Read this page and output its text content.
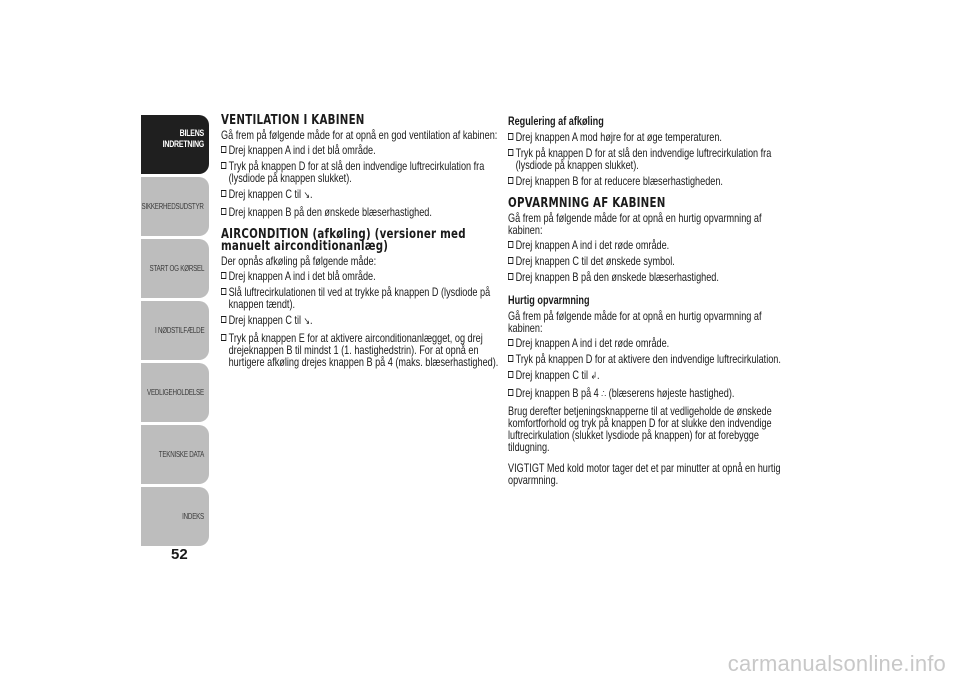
BILENS INDRETNING
SIKKERHEDSUDSTYR
START OG KØRSEL
I NØDSTILFÆLDE
VEDLIGEHOLDELSE
TEKNISKE DATA
INDEKS
52
VENTILATION I KABINEN

Gå frem på følgende måde for at opnå en god ventilation af kabinen:

Drej knappen A ind i det blå område.
Tryk på knappen D for at slå den indvendige luftrecirkulation fra (lysdiode på knappen slukket).
Drej knappen C til ↘.
Drej knappen B på den ønskede blæserhastighed.
AIRCONDITION (afkøling) (versioner med manuelt airconditionanlæg)

Der opnås afkøling på følgende måde:

Drej knappen A ind i det blå område.
Slå luftrecirkulationen til ved at trykke på knappen D (lysdiode på knappen tændt).
Drej knappen C til ↘.
Tryk på knappen E for at aktivere airconditionanlægget, og drej drejeknappen B til mindst 1 (1. hastighedstrin). For at opnå en hurtigere afkøling drejes knappen B på 4 (maks. blæserhastighed).
Regulering af afkøling
Drej knappen A mod højre for at øge temperaturen.
Tryk på knappen D for at slå den indvendige luftrecirkulation fra (lysdiode på knappen slukket).
Drej knappen B for at reducere blæserhastigheden.
OPVARMNING AF KABINEN

Gå frem på følgende måde for at opnå en hurtig opvarmning af kabinen:

Drej knappen A ind i det røde område.
Drej knappen C til det ønskede symbol.
Drej knappen B på den ønskede blæserhastighed.
Hurtig opvarmning

Gå frem på følgende måde for at opnå en hurtig opvarmning af kabinen:

Drej knappen A ind i det røde område.
Tryk på knappen D for at aktivere den indvendige luftrecirkulation.
Drej knappen C til ↲.
Drej knappen B på 4 ∴ (blæserens højeste hastighed).

Brug derefter betjeningsknapperne til at vedligeholde de ønskede komfortforhold og tryk på knappen D for at slukke den indvendige luftrecirkulation (slukket lysdiode på knappen) for at forebygge tildugning.

VIGTIGT Med kold motor tager det et par minutter at opnå en hurtig opvarmning.

carmanualsonline.info
